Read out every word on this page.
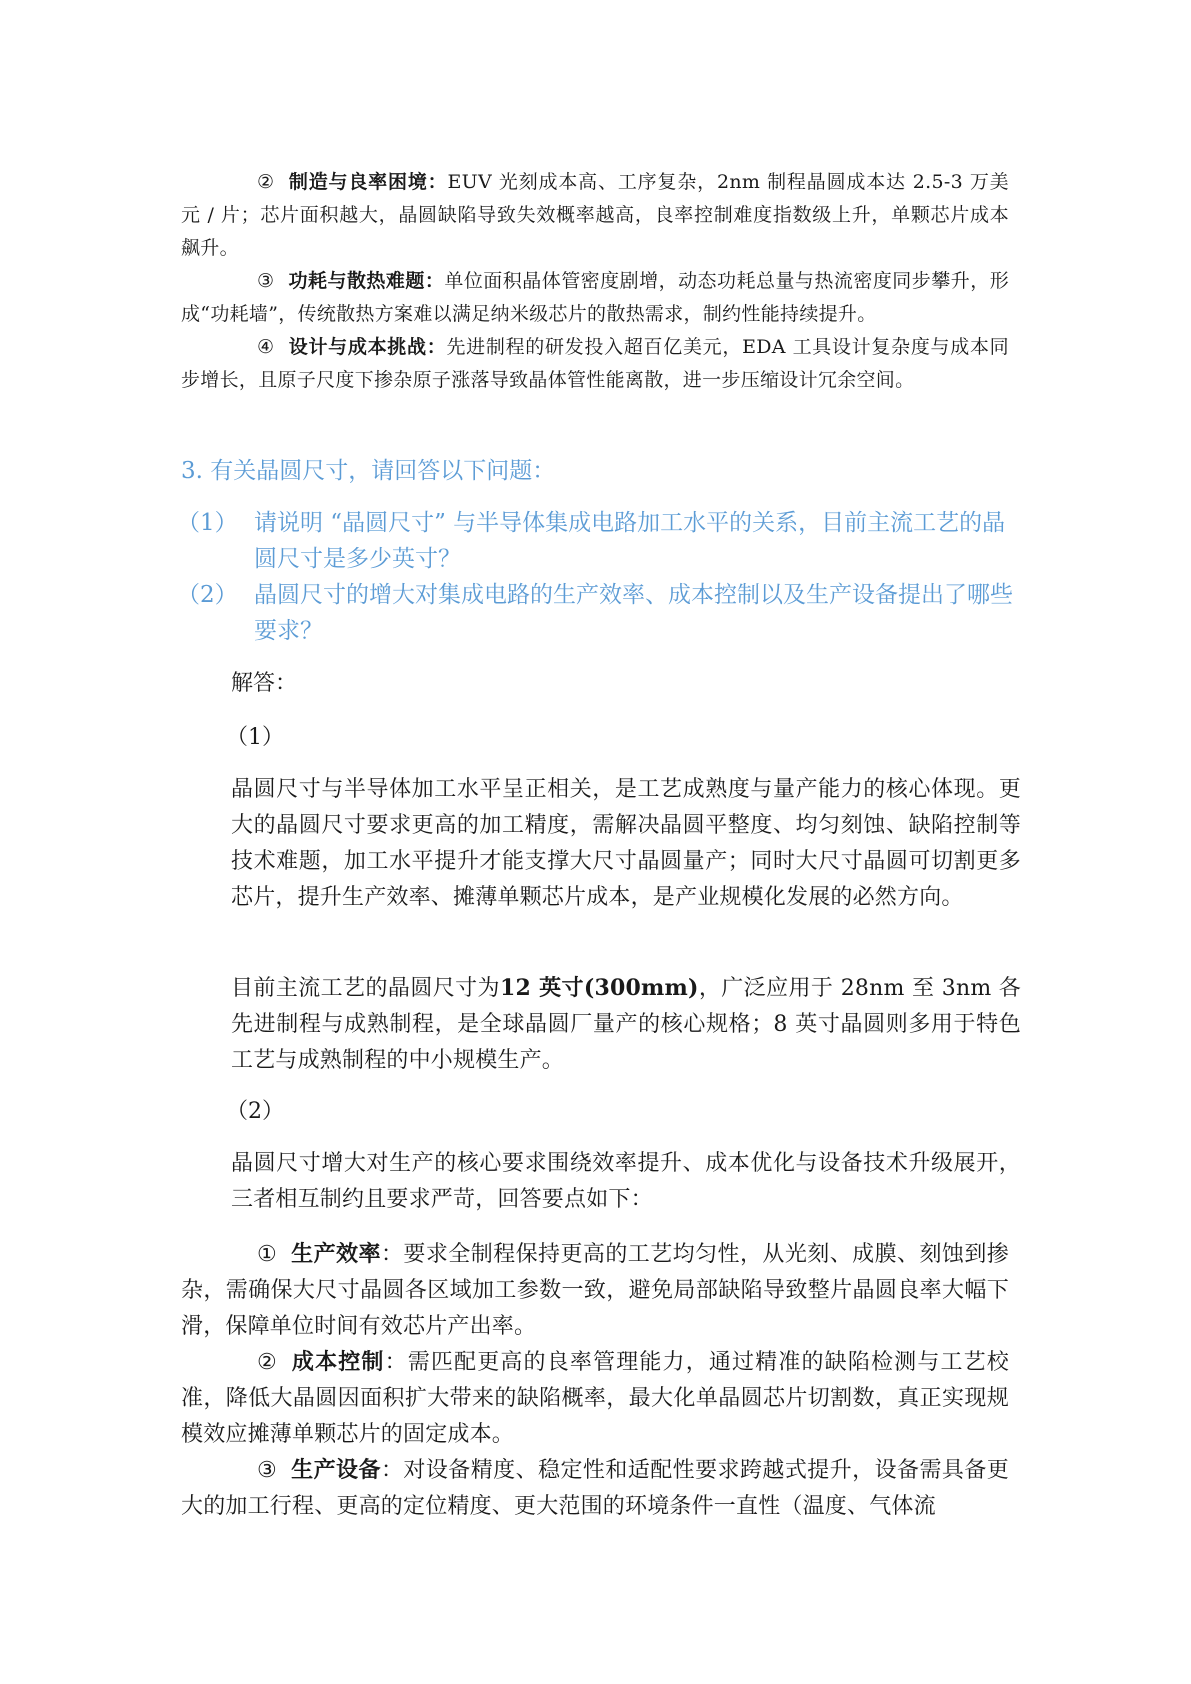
② 制造与良率困境：EUV 光刻成本高、工序复杂，2nm 制程晶圆成本达 2.5-3 万美元 / 片；芯片面积越大，晶圆缺陷导致失效概率越高，良率控制难度指数级上升，单颗芯片成本飙升。

③ 功耗与散热难题：单位面积晶体管密度剧增，动态功耗总量与热流密度同步攀升，形成“功耗墙”，传统散热方案难以满足纳米级芯片的散热需求，制约性能持续提升。

④ 设计与成本挑战：先进制程的研发投入超百亿美元，EDA 工具设计复杂度与成本同步增长，且原子尺度下掺杂原子涨落导致晶体管性能离散，进一步压缩设计冗余空间。

3. 有关晶圆尺寸，请回答以下问题：
（1） 请说明 “晶圆尺寸” 与半导体集成电路加工水平的关系，目前主流工艺的晶圆尺寸是多少英寸？
（2） 晶圆尺寸的增大对集成电路的生产效率、成本控制以及生产设备提出了哪些要求？
解答：
（1）

晶圆尺寸与半导体加工水平呈正相关，是工艺成熟度与量产能力的核心体现。更大的晶圆尺寸要求更高的加工精度，需解决晶圆平整度、均匀刻蚀、缺陷控制等技术难题，加工水平提升才能支撑大尺寸晶圆量产；同时大尺寸晶圆可切割更多芯片，提升生产效率、摊薄单颗芯片成本，是产业规模化发展的必然方向。

目前主流工艺的晶圆尺寸为12 英寸(300mm)，广泛应用于 28nm 至 3nm 各先进制程与成熟制程，是全球晶圆厂量产的核心规格；8 英寸晶圆则多用于特色工艺与成熟制程的中小规模生产。

（2）

晶圆尺寸增大对生产的核心要求围绕效率提升、成本优化与设备技术升级展开，三者相互制约且要求严苛，回答要点如下：

① 生产效率：要求全制程保持更高的工艺均匀性，从光刻、成膜、刻蚀到掺杂，需确保大尺寸晶圆各区域加工参数一致，避免局部缺陷导致整片晶圆良率大幅下滑，保障单位时间有效芯片产出率。

② 成本控制：需匹配更高的良率管理能力，通过精准的缺陷检测与工艺校准，降低大晶圆因面积扩大带来的缺陷概率，最大化单晶圆芯片切割数，真正实现规模效应摊薄单颗芯片的固定成本。

③ 生产设备：对设备精度、稳定性和适配性要求跨越式提升，设备需具备更大的加工行程、更高的定位精度、更大范围的环境条件一直性（温度、气体流
